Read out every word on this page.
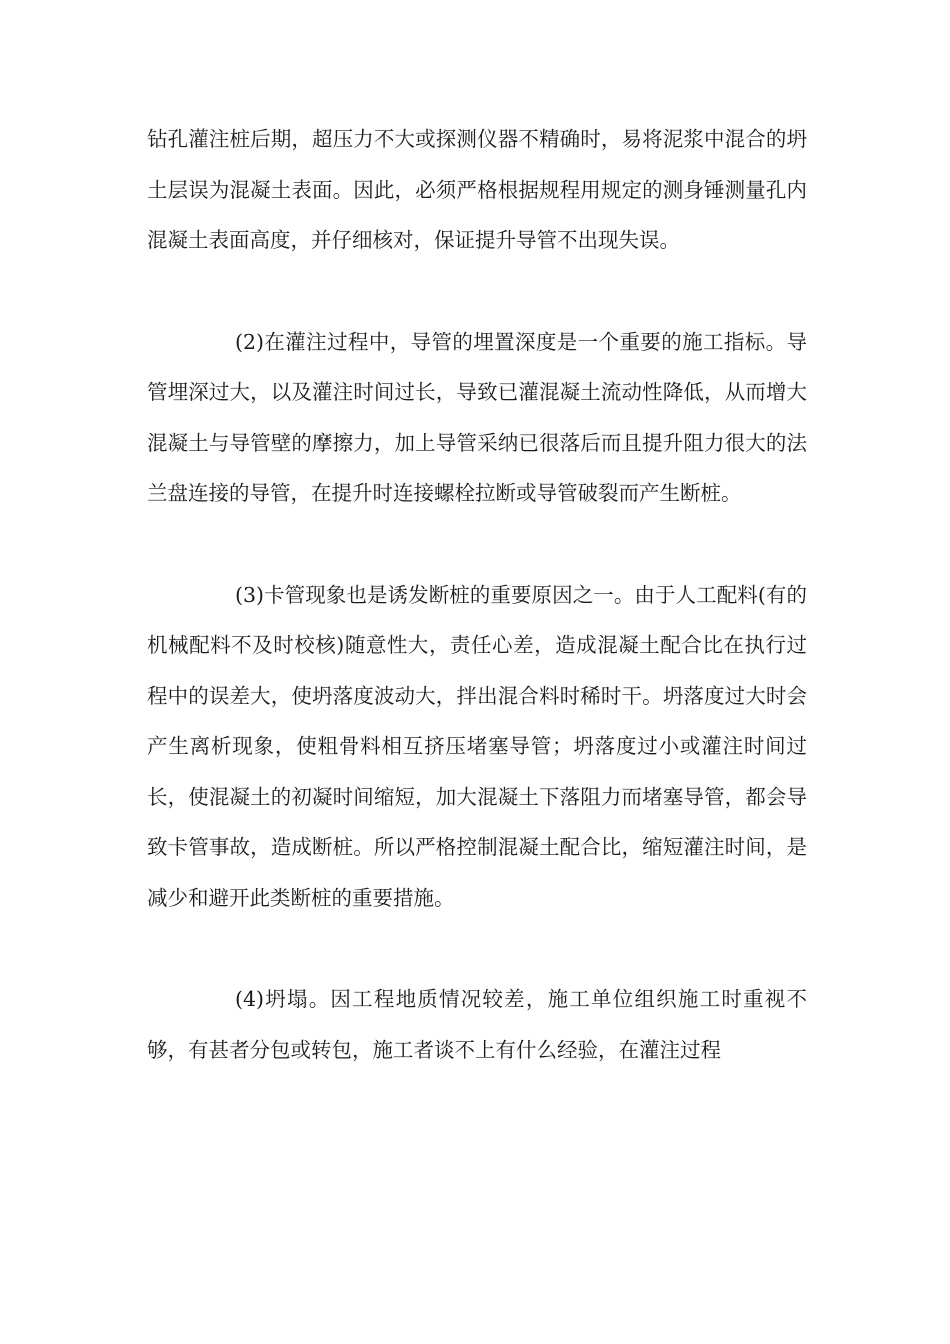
钻孔灌注桩后期，超压力不大或探测仪器不精确时，易将泥浆中混合的坍土层误为混凝土表面。因此，必须严格根据规程用规定的测身锤测量孔内混凝土表面高度，并仔细核对，保证提升导管不出现失误。

(2)在灌注过程中，导管的埋置深度是一个重要的施工指标。导管埋深过大，以及灌注时间过长，导致已灌混凝土流动性降低，从而增大混凝土与导管壁的摩擦力，加上导管采纳已很落后而且提升阻力很大的法兰盘连接的导管，在提升时连接螺栓拉断或导管破裂而产生断桩。

(3)卡管现象也是诱发断桩的重要原因之一。由于人工配料(有的机械配料不及时校核)随意性大，责任心差，造成混凝土配合比在执行过程中的误差大，使坍落度波动大，拌出混合料时稀时干。坍落度过大时会产生离析现象，使粗骨料相互挤压堵塞导管；坍落度过小或灌注时间过长，使混凝土的初凝时间缩短，加大混凝土下落阻力而堵塞导管，都会导致卡管事故，造成断桩。所以严格控制混凝土配合比，缩短灌注时间，是减少和避开此类断桩的重要措施。

(4)坍塌。因工程地质情况较差，施工单位组织施工时重视不够，有甚者分包或转包，施工者谈不上有什么经验，在灌注过程
